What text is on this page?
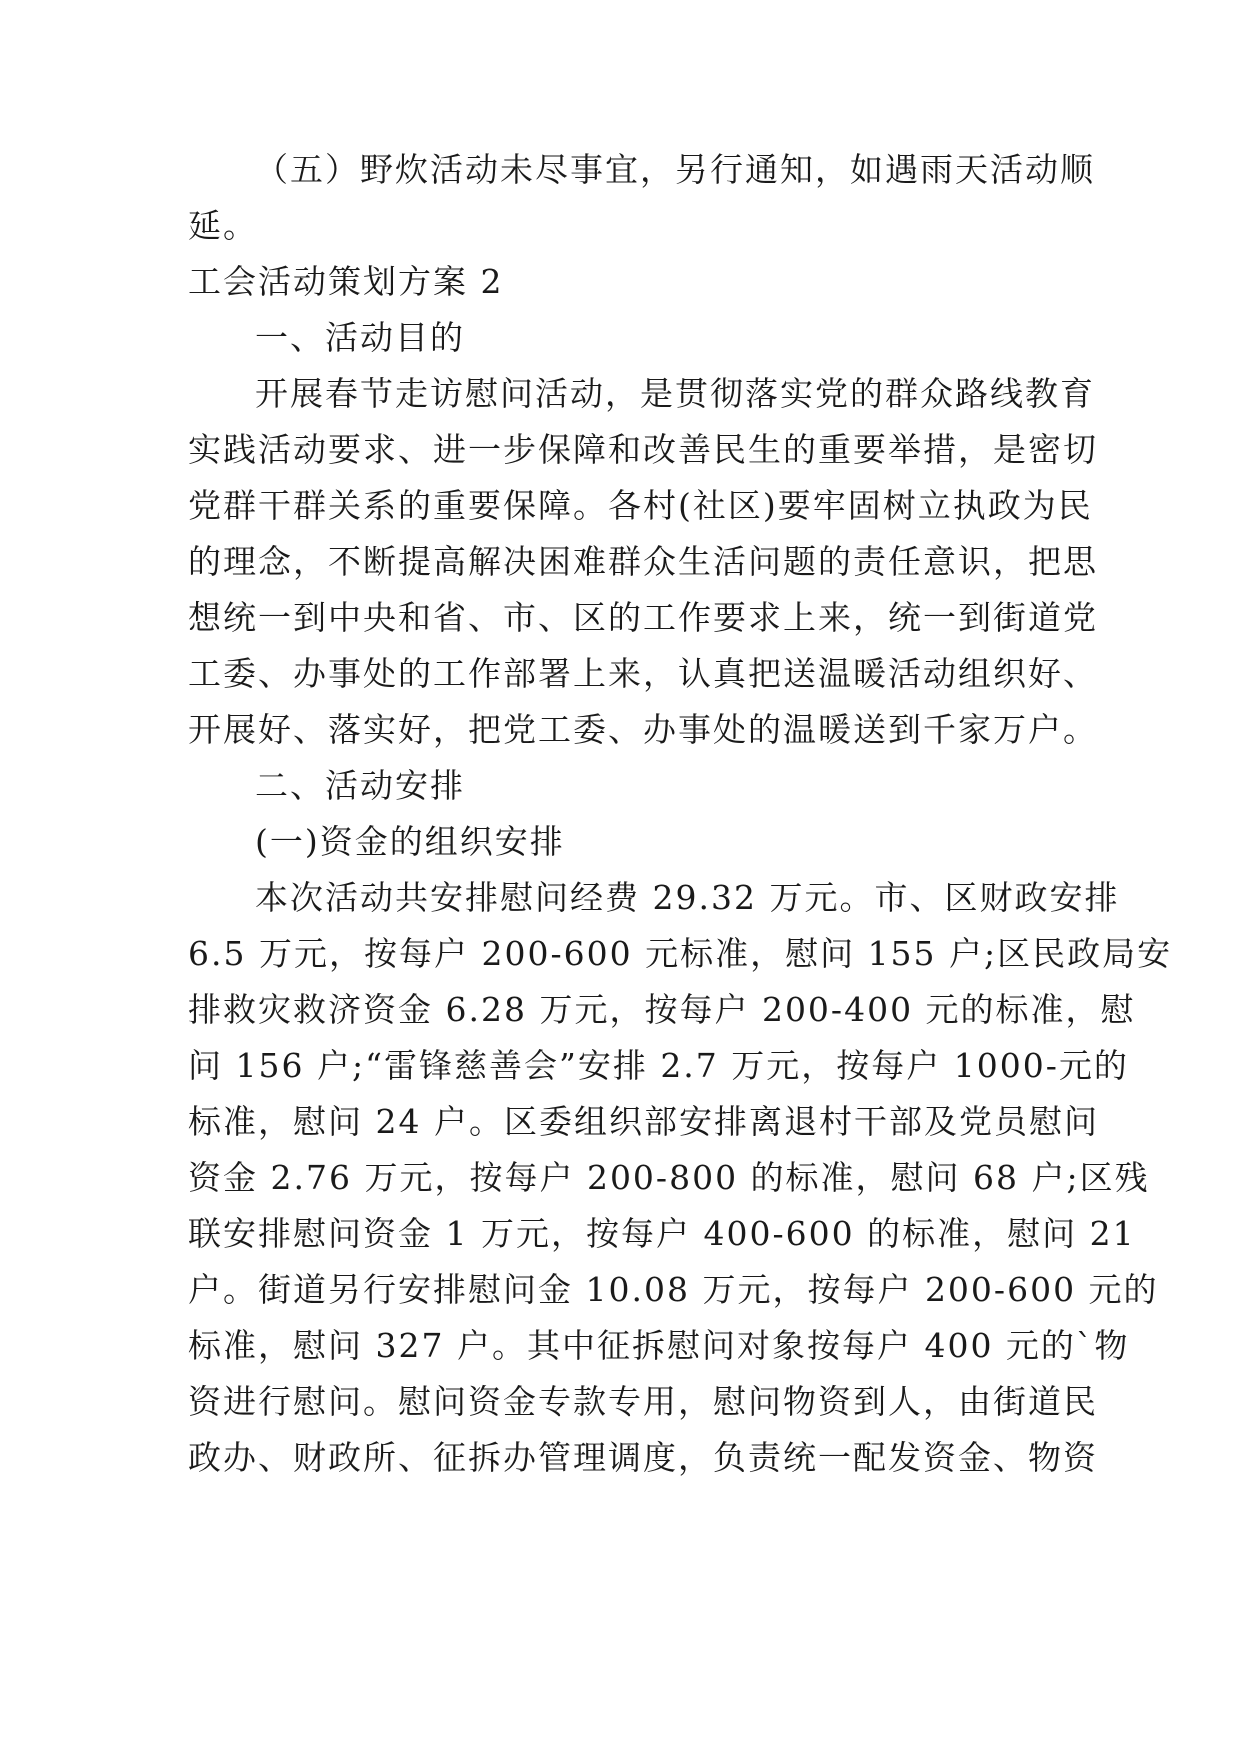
（五）野炊活动未尽事宜，另行通知，如遇雨天活动顺
延。
工会活动策划方案 2
一、活动目的
开展春节走访慰问活动，是贯彻落实党的群众路线教育
实践活动要求、进一步保障和改善民生的重要举措，是密切
党群干群关系的重要保障。各村(社区)要牢固树立执政为民
的理念，不断提高解决困难群众生活问题的责任意识，把思
想统一到中央和省、市、区的工作要求上来，统一到街道党
工委、办事处的工作部署上来，认真把送温暖活动组织好、
开展好、落实好，把党工委、办事处的温暖送到千家万户。
二、活动安排
(一)资金的组织安排
本次活动共安排慰问经费 29.32 万元。市、区财政安排
6.5 万元，按每户 200-600 元标准，慰问 155 户;区民政局安
排救灾救济资金 6.28 万元，按每户 200-400 元的标准，慰
问 156 户;“雷锋慈善会”安排 2.7 万元，按每户 1000-元的
标准，慰问 24 户。区委组织部安排离退村干部及党员慰问
资金 2.76 万元，按每户 200-800 的标准，慰问 68 户;区残
联安排慰问资金 1 万元，按每户 400-600 的标准，慰问 21
户。街道另行安排慰问金 10.08 万元，按每户 200-600 元的
标准，慰问 327 户。其中征拆慰问对象按每户 400 元的`物
资进行慰问。慰问资金专款专用，慰问物资到人，由街道民
政办、财政所、征拆办管理调度，负责统一配发资金、物资
